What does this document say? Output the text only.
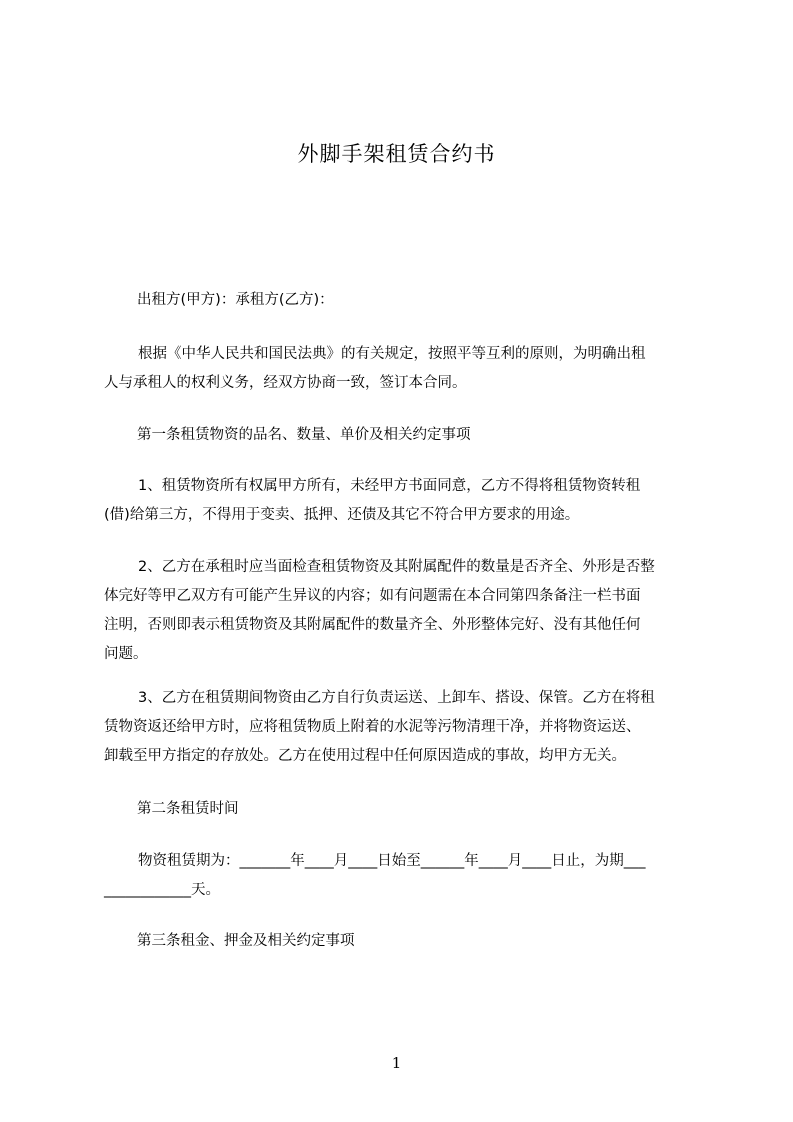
外脚手架租赁合约书

出租方(甲方)：承租方(乙方)：

根据《中华人民共和国民法典》的有关规定，按照平等互利的原则，为明确出租
人与承租人的权利义务，经双方协商一致，签订本合同。

第一条租赁物资的品名、数量、单价及相关约定事项

1、租赁物资所有权属甲方所有，未经甲方书面同意，乙方不得将租赁物资转租
(借)给第三方，不得用于变卖、抵押、还债及其它不符合甲方要求的用途。
2、乙方在承租时应当面检查租赁物资及其附属配件的数量是否齐全、外形是否整
体完好等甲乙双方有可能产生异议的内容；如有问题需在本合同第四条备注一栏书面
注明，否则即表示租赁物资及其附属配件的数量齐全、外形整体完好、没有其他任何
问题。
3、乙方在租赁期间物资由乙方自行负责运送、上卸车、搭设、保管。乙方在将租
赁物资返还给甲方时，应将租赁物质上附着的水泥等污物清理干净，并将物资运送、
卸载至甲方指定的存放处。乙方在使用过程中任何原因造成的事故，均甲方无关。

第二条租赁时间

物资租赁期为：_______年____月____日始至______年____月____日止，为期___
____________天。

第三条租金、押金及相关约定事项

1
